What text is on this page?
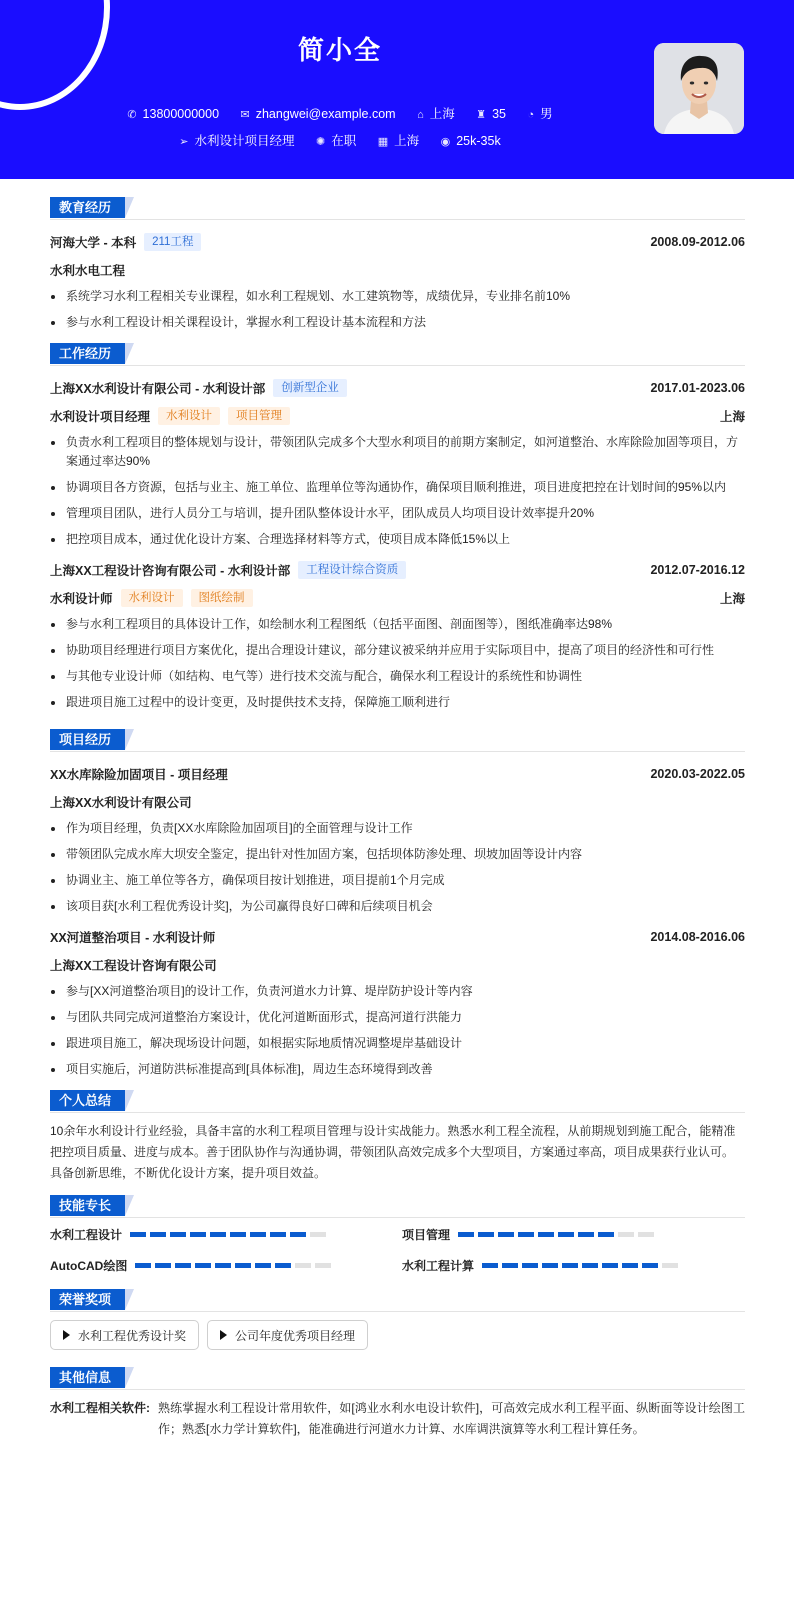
简小全
✆ 13800000000 ✉ zhangwei@example.com ⌂ 上海 ♜ 35 ◔ 男
➢ 水利设计项目经理 ✺ 在职 ▦ 上海 ◉ 25k-35k
教育经历
河海大学 - 本科	211工程	2008.09-2012.06
水利水电工程
系统学习水利工程相关专业课程，如水利工程规划、水工建筑物等，成绩优异，专业排名前10%
参与水利工程设计相关课程设计，掌握水利工程设计基本流程和方法
工作经历
上海XX水利设计有限公司 - 水利设计部	创新型企业	2017.01-2023.06
水利设计项目经理	水利设计	项目管理	上海
负责水利工程项目的整体规划与设计，带领团队完成多个大型水利项目的前期方案制定，如河道整治、水库除险加固等项目，方案通过率达90%
协调项目各方资源，包括与业主、施工单位、监理单位等沟通协作，确保项目顺利推进，项目进度把控在计划时间的95%以内
管理项目团队，进行人员分工与培训，提升团队整体设计水平，团队成员人均项目设计效率提升20%
把控项目成本，通过优化设计方案、合理选择材料等方式，使项目成本降低15%以上
上海XX工程设计咨询有限公司 - 水利设计部	工程设计综合资质	2012.07-2016.12
水利设计师	水利设计	图纸绘制	上海
参与水利工程项目的具体设计工作，如绘制水利工程图纸（包括平面图、剖面图等），图纸准确率达98%
协助项目经理进行项目方案优化，提出合理设计建议，部分建议被采纳并应用于实际项目中，提高了项目的经济性和可行性
与其他专业设计师（如结构、电气等）进行技术交流与配合，确保水利工程设计的系统性和协调性
跟进项目施工过程中的设计变更，及时提供技术支持，保障施工顺利进行
项目经历
XX水库除险加固项目 - 项目经理	2020.03-2022.05
上海XX水利设计有限公司
作为项目经理，负责[XX水库除险加固项目]的全面管理与设计工作
带领团队完成水库大坝安全鉴定，提出针对性加固方案，包括坝体防渗处理、坝坡加固等设计内容
协调业主、施工单位等各方，确保项目按计划推进，项目提前1个月完成
该项目获[水利工程优秀设计奖]，为公司赢得良好口碑和后续项目机会
XX河道整治项目 - 水利设计师	2014.08-2016.06
上海XX工程设计咨询有限公司
参与[XX河道整治项目]的设计工作，负责河道水力计算、堤岸防护设计等内容
与团队共同完成河道整治方案设计，优化河道断面形式，提高河道行洪能力
跟进项目施工，解决现场设计问题，如根据实际地质情况调整堤岸基础设计
项目实施后，河道防洪标准提高到[具体标准]，周边生态环境得到改善
个人总结
10余年水利设计行业经验，具备丰富的水利工程项目管理与设计实战能力。熟悉水利工程全流程，从前期规划到施工配合，能精准把控项目质量、进度与成本。善于团队协作与沟通协调，带领团队高效完成多个大型项目，方案通过率高，项目成果获行业认可。具备创新思维，不断优化设计方案，提升项目效益。
技能专长
水利工程设计	项目管理
AutoCAD绘图	水利工程计算
荣誉奖项
水利工程优秀设计奖	公司年度优秀项目经理
其他信息
水利工程相关软件: 熟练掌握水利工程设计常用软件，如[鸿业水利水电设计软件]，可高效完成水利工程平面、纵断面等设计绘图工作；熟悉[水力学计算软件]，能准确进行河道水力计算、水库调洪演算等水利工程计算任务。
